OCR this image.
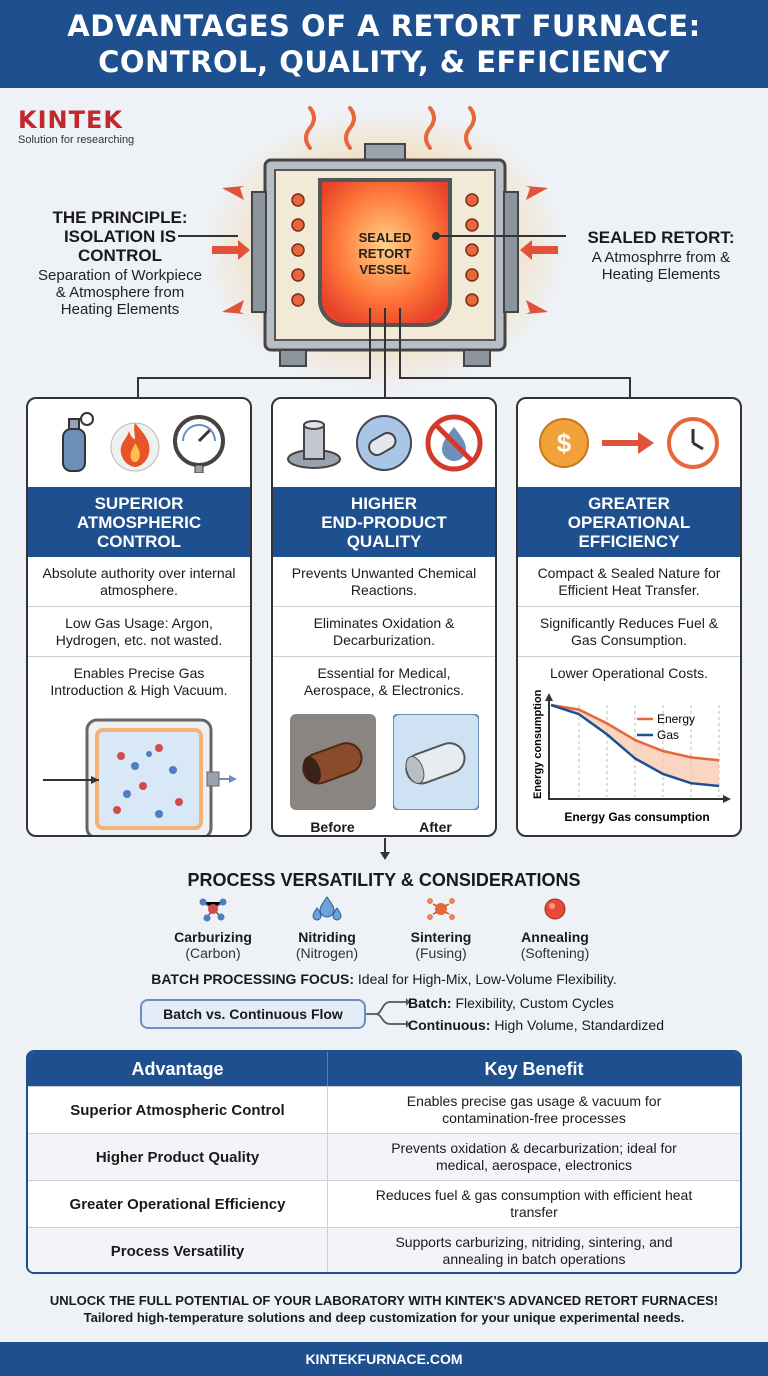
ADVANTAGES OF A RETORT FURNACE:
CONTROL, QUALITY, & EFFICIENCY
KINTEK
Solution for researching
SEALED
RETORT
VESSEL
THE PRINCIPLE:
ISOLATION IS
CONTROL
Separation of Workpiece
& Atmosphere from
Heating Elements
SEALED RETORT:
A Atmosphrre from &
Heating Elements
SUPERIOR
ATMOSPHERIC
CONTROL
Absolute authority over internal atmosphere.
Low Gas Usage: Argon, Hydrogen, etc. not wasted.
Enables Precise Gas Introduction & High Vacuum.
HIGHER
END-PRODUCT
QUALITY
Prevents Unwanted Chemical Reactions.
Eliminates Oxidation & Decarburization.
Essential for Medical, Aerospace, & Electronics.
Before	After
$
GREATER
OPERATIONAL
EFFICIENCY
Compact & Sealed Nature for Efficient Heat Transfer.
Significantly Reduces Fuel & Gas Consumption.
Lower Operational Costs.
Energy
Gas
Energy consumption
Energy Gas consumption
PROCESS VERSATILITY & CONSIDERATIONS
Carburizing
(Carbon)
Nitriding
(Nitrogen)
Sintering
(Fusing)
Annealing
(Softening)
BATCH PROCESSING FOCUS: Ideal for High-Mix, Low-Volume Flexibility.
Batch vs. Continuous Flow
Batch: Flexibility, Custom Cycles
Continuous: High Volume, Standardized
Advantage	Key Benefit
Superior Atmospheric Control
Enables precise gas usage & vacuum for contamination-free processes
Higher Product Quality
Prevents oxidation & decarburization; ideal for medical, aerospace, electronics
Greater Operational Efficiency
Reduces fuel & gas consumption with efficient heat transfer
Process Versatility
Supports carburizing, nitriding, sintering, and annealing in batch operations
UNLOCK THE FULL POTENTIAL OF YOUR LABORATORY WITH KINTEK'S ADVANCED RETORT FURNACES!
Tailored high-temperature solutions and deep customization for your unique experimental needs.
KINTEKFURNACE.COM
